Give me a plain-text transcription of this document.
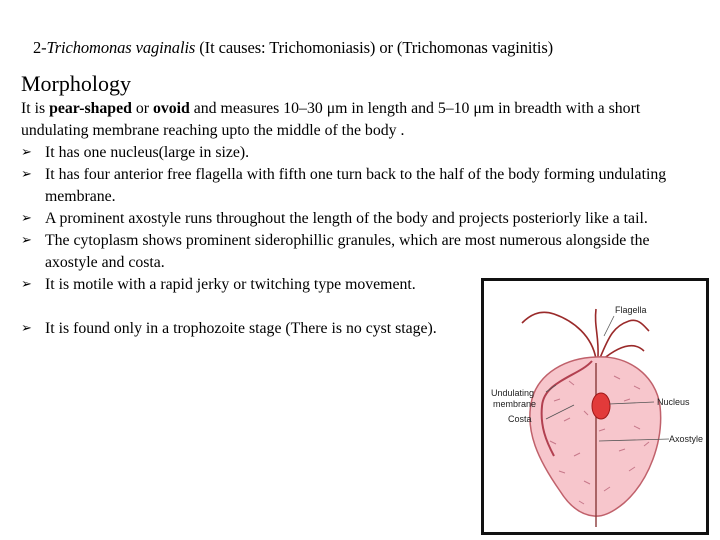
2-Trichomonas vaginalis (It causes: Trichomoniasis) or (Trichomonas vaginitis)
Morphology

It is pear-shaped or ovoid and measures 10–30 μm in length and 5–10 μm in breadth with a short undulating membrane reaching upto the middle of the body .

➢ It has one nucleus(large in size).
➢ It has four anterior free flagella with fifth one turn back to the half of the body forming undulating membrane.
➢ A prominent axostyle runs throughout the length of the body and projects posteriorly like a tail.
➢ The cytoplasm shows prominent siderophillic granules, which are most numerous alongside the axostyle and costa.
➢ It is motile with a rapid jerky or twitching type movement.
➢ It is found only in a trophozoite stage (There is no cyst stage).
Flagella
Undulating
membrane
Costa
Nucleus
Axostyle
